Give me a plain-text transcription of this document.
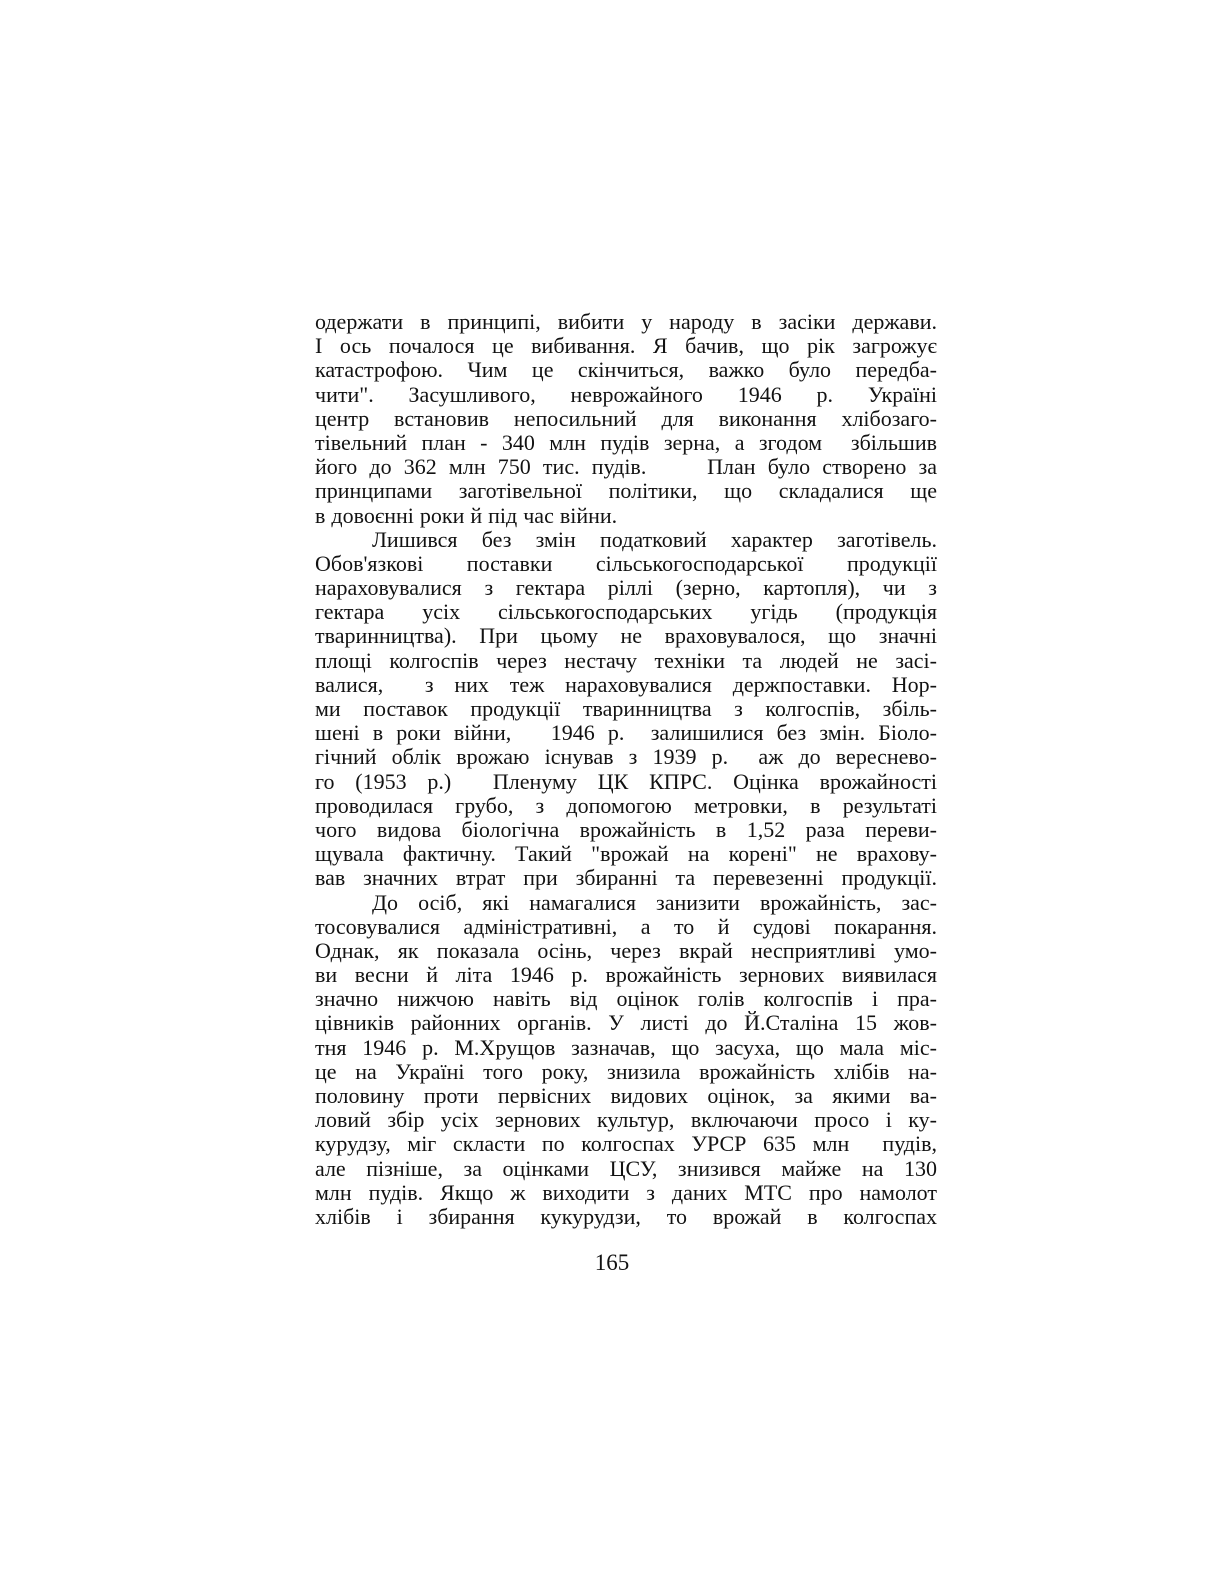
одержати в принципі, вибити у народу в засіки держави.
І ось почалося це вибивання. Я бачив, що рік загрожує
катастрофою. Чим це скінчиться, важко було передба-
чити". Засушливого, неврожайного 1946 р. Україні
центр встановив непосильний для виконання хлібозаго-
тівельний план - 340 млн пудів зерна, а згодом  збільшив
його до 362 млн 750 тис. пудів.     План було створено за
принципами заготівельної політики, що складалися ще
в довоєнні роки й під час війни.
Лишився без змін податковий характер заготівель.
Обов'язкові поставки сільськогосподарської продукції
нараховувалися з гектара ріллі (зерно, картопля), чи з
гектара усіх сільськогосподарських угідь (продукція
тваринництва). При цьому не враховувалося, що значні
площі колгоспів через нестачу техніки та людей не засі-
валися,  з них теж нараховувалися держпоставки. Нор-
ми поставок продукції тваринництва з колгоспів, збіль-
шені в роки війни,   1946 р.  залишилися без змін. Біоло-
гічний облік врожаю існував з 1939 р.  аж до вереснево-
го (1953 р.)  Пленуму ЦК КПРС. Оцінка врожайності
проводилася грубо, з допомогою метровки, в результаті
чого видова біологічна врожайність в 1,52 раза переви-
щувала фактичну. Такий "врожай на корені" не врахову-
вав значних втрат при збиранні та перевезенні продукції.
До осіб, які намагалися занизити врожайність, зас-
тосовувалися адміністративні, а то й судові покарання.
Однак, як показала осінь, через вкрай несприятливі умо-
ви весни й літа 1946 р. врожайність зернових виявилася
значно нижчою навіть від оцінок голів колгоспів і пра-
цівників районних органів. У листі до Й.Сталіна 15 жов-
тня 1946 р. М.Хрущов зазначав, що засуха, що мала міс-
це на Україні того року, знизила врожайність хлібів на-
половину проти первісних видових оцінок, за якими ва-
ловий збір усіх зернових культур, включаючи просо і ку-
курудзу, міг скласти по колгоспах УРСР 635 млн  пудів,
але пізніше, за оцінками ЦСУ, знизився майже на 130
млн пудів. Якщо ж виходити з даних МТС про намолот
хлібів і збирання кукурудзи, то врожай в колгоспах
165
